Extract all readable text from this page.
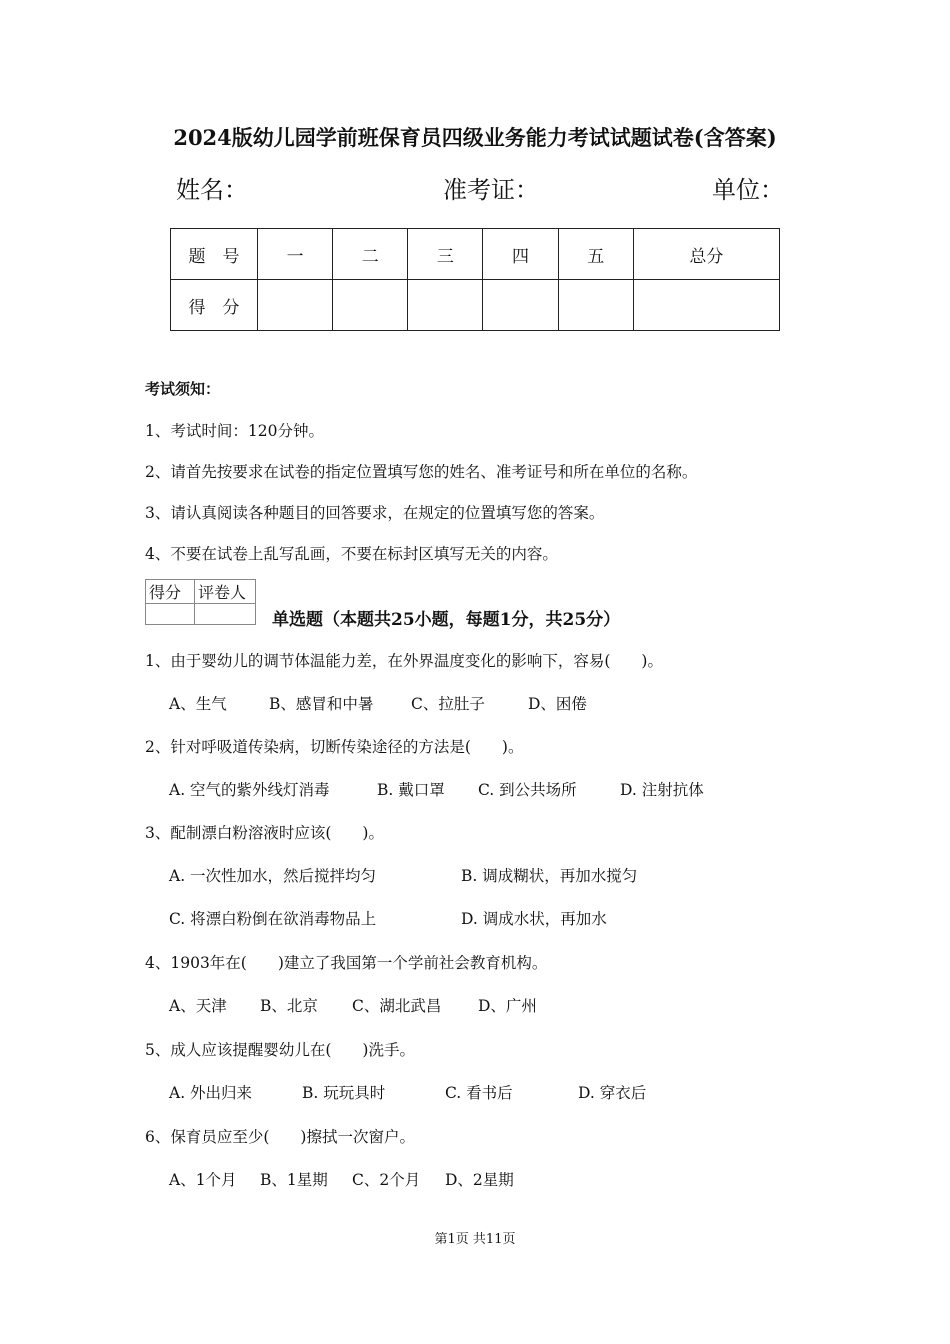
2024版幼儿园学前班保育员四级业务能力考试试题试卷(含答案)
姓名：	准考证：	单位：
题　号	一	二	三	四	五	总分
得　分						
考试须知：
1、考试时间：120分钟。
2、请首先按要求在试卷的指定位置填写您的姓名、准考证号和所在单位的名称。
3、请认真阅读各种题目的回答要求，在规定的位置填写您的答案。
4、不要在试卷上乱写乱画，不要在标封区填写无关的内容。
得分	评卷人

单选题（本题共25小题，每题1分，共25分）
1、由于婴幼儿的调节体温能力差，在外界温度变化的影响下，容易(　　)。
A、生气	B、感冒和中暑 C、拉肚子	D、困倦
2、针对呼吸道传染病，切断传染途径的方法是(　　)。
A. 空气的紫外线灯消毒	B. 戴口罩 C. 到公共场所	D. 注射抗体
3、配制漂白粉溶液时应该(　　)。
A. 一次性加水，然后搅拌均匀	B. 调成糊状，再加水搅匀
C. 将漂白粉倒在欲消毒物品上	D. 调成水状，再加水
4、1903年在(　　)建立了我国第一个学前社会教育机构。
A、天津 B、北京 C、湖北武昌 D、广州
5、成人应该提醒婴幼儿在(　　)洗手。
A. 外出归来	B. 玩玩具时	C. 看书后	D. 穿衣后
6、保育员应至少(　　)擦拭一次窗户。
A、1个月 B、1星期 C、2个月 D、2星期
第1页 共11页
